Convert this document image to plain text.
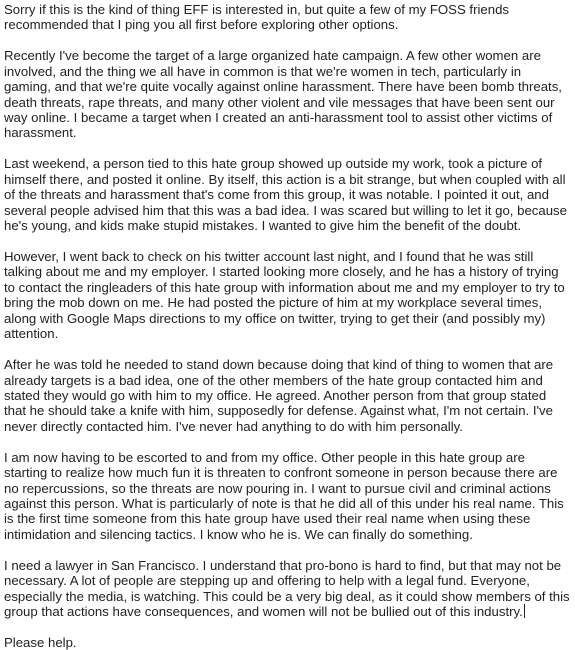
Sorry if this is the kind of thing EFF is interested in, but quite a few of my FOSS friends recommended that I ping you all first before exploring other options.

Recently I've become the target of a large organized hate campaign. A few other women are involved, and the thing we all have in common is that we're women in tech, particularly in gaming, and that we're quite vocally against online harassment. There have been bomb threats, death threats, rape threats, and many other violent and vile messages that have been sent our way online. I became a target when I created an anti-harassment tool to assist other victims of harassment.

Last weekend, a person tied to this hate group showed up outside my work, took a picture of himself there, and posted it online. By itself, this action is a bit strange, but when coupled with all of the threats and harassment that's come from this group, it was notable. I pointed it out, and several people advised him that this was a bad idea. I was scared but willing to let it go, because he's young, and kids make stupid mistakes. I wanted to give him the benefit of the doubt.

However, I went back to check on his twitter account last night, and I found that he was still talking about me and my employer. I started looking more closely, and he has a history of trying to contact the ringleaders of this hate group with information about me and my employer to try to bring the mob down on me. He had posted the picture of him at my workplace several times, along with Google Maps directions to my office on twitter, trying to get their (and possibly my) attention.

After he was told he needed to stand down because doing that kind of thing to women that are already targets is a bad idea, one of the other members of the hate group contacted him and stated they would go with him to my office. He agreed. Another person from that group stated that he should take a knife with him, supposedly for defense. Against what, I'm not certain. I've never directly contacted him. I've never had anything to do with him personally.

I am now having to be escorted to and from my office. Other people in this hate group are starting to realize how much fun it is threaten to confront someone in person because there are no repercussions, so the threats are now pouring in. I want to pursue civil and criminal actions against this person. What is particularly of note is that he did all of this under his real name. This is the first time someone from this hate group have used their real name when using these intimidation and silencing tactics. I know who he is. We can finally do something.

I need a lawyer in San Francisco. I understand that pro-bono is hard to find, but that may not be necessary. A lot of people are stepping up and offering to help with a legal fund. Everyone, especially the media, is watching. This could be a very big deal, as it could show members of this group that actions have consequences, and women will not be bullied out of this industry.

Please help.
